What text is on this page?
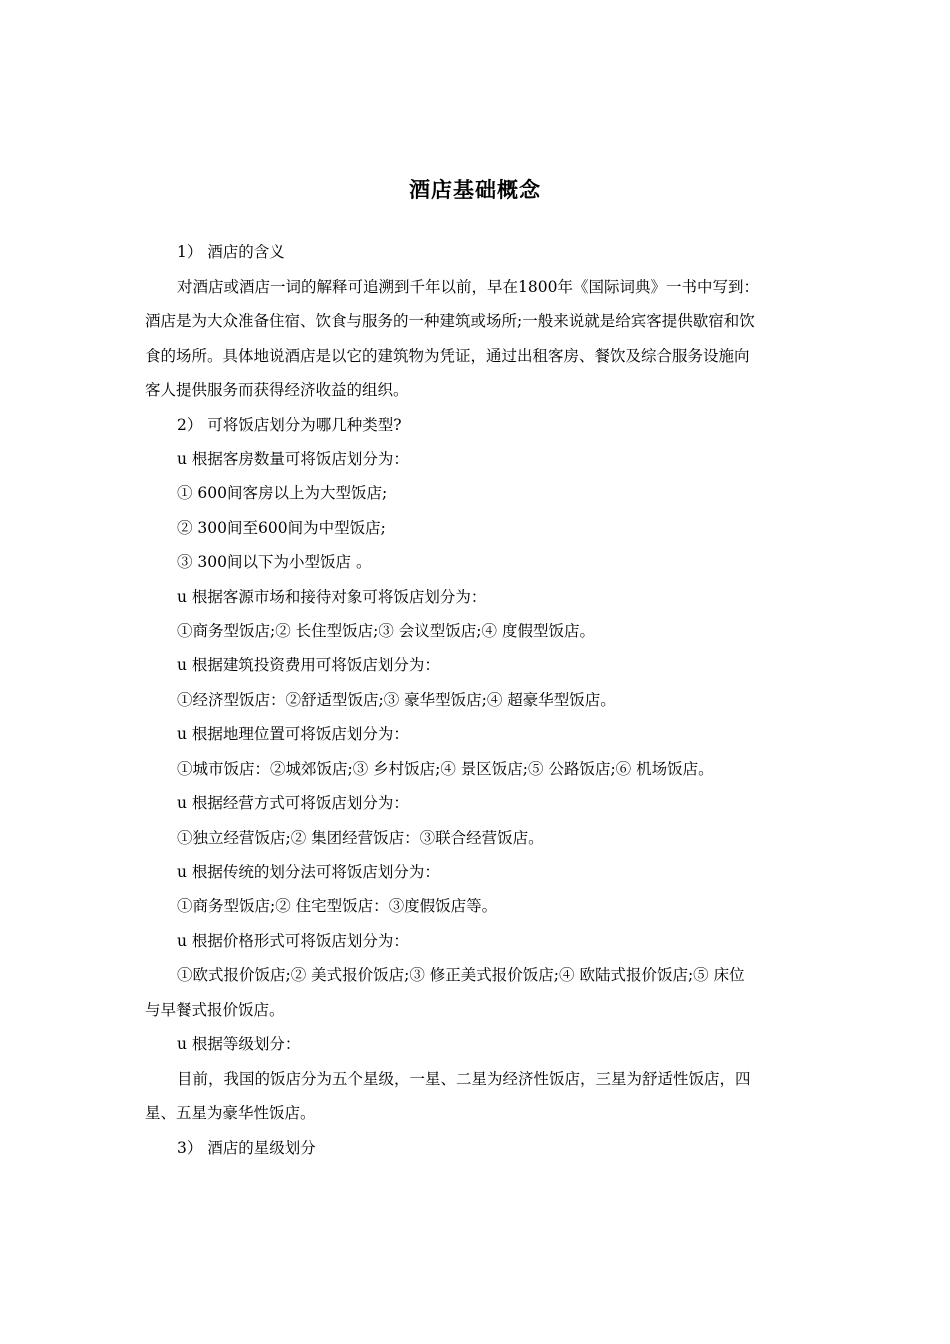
酒店基础概念
1） 酒店的含义
对酒店或酒店一词的解释可追溯到千年以前，早在1800年《国际词典》一书中写到：
酒店是为大众准备住宿、饮食与服务的一种建筑或场所;一般来说就是给宾客提供歇宿和饮
食的场所。具体地说酒店是以它的建筑物为凭证，通过出租客房、餐饮及综合服务设施向
客人提供服务而获得经济收益的组织。
2） 可将饭店划分为哪几种类型?
u 根据客房数量可将饭店划分为：
① 600间客房以上为大型饭店;
② 300间至600间为中型饭店;
③ 300间以下为小型饭店 。
u 根据客源市场和接待对象可将饭店划分为：
①商务型饭店;② 长住型饭店;③ 会议型饭店;④ 度假型饭店。
u 根据建筑投资费用可将饭店划分为：
①经济型饭店：②舒适型饭店;③ 豪华型饭店;④ 超豪华型饭店。
u 根据地理位置可将饭店划分为：
①城市饭店：②城郊饭店;③ 乡村饭店;④ 景区饭店;⑤ 公路饭店;⑥ 机场饭店。
u 根据经营方式可将饭店划分为：
①独立经营饭店;② 集团经营饭店：③联合经营饭店。
u 根据传统的划分法可将饭店划分为：
①商务型饭店;② 住宅型饭店：③度假饭店等。
u 根据价格形式可将饭店划分为：
①欧式报价饭店;② 美式报价饭店;③ 修正美式报价饭店;④ 欧陆式报价饭店;⑤ 床位
与早餐式报价饭店。
u 根据等级划分：
目前，我国的饭店分为五个星级，一星、二星为经济性饭店，三星为舒适性饭店，四
星、五星为豪华性饭店。
3） 酒店的星级划分
